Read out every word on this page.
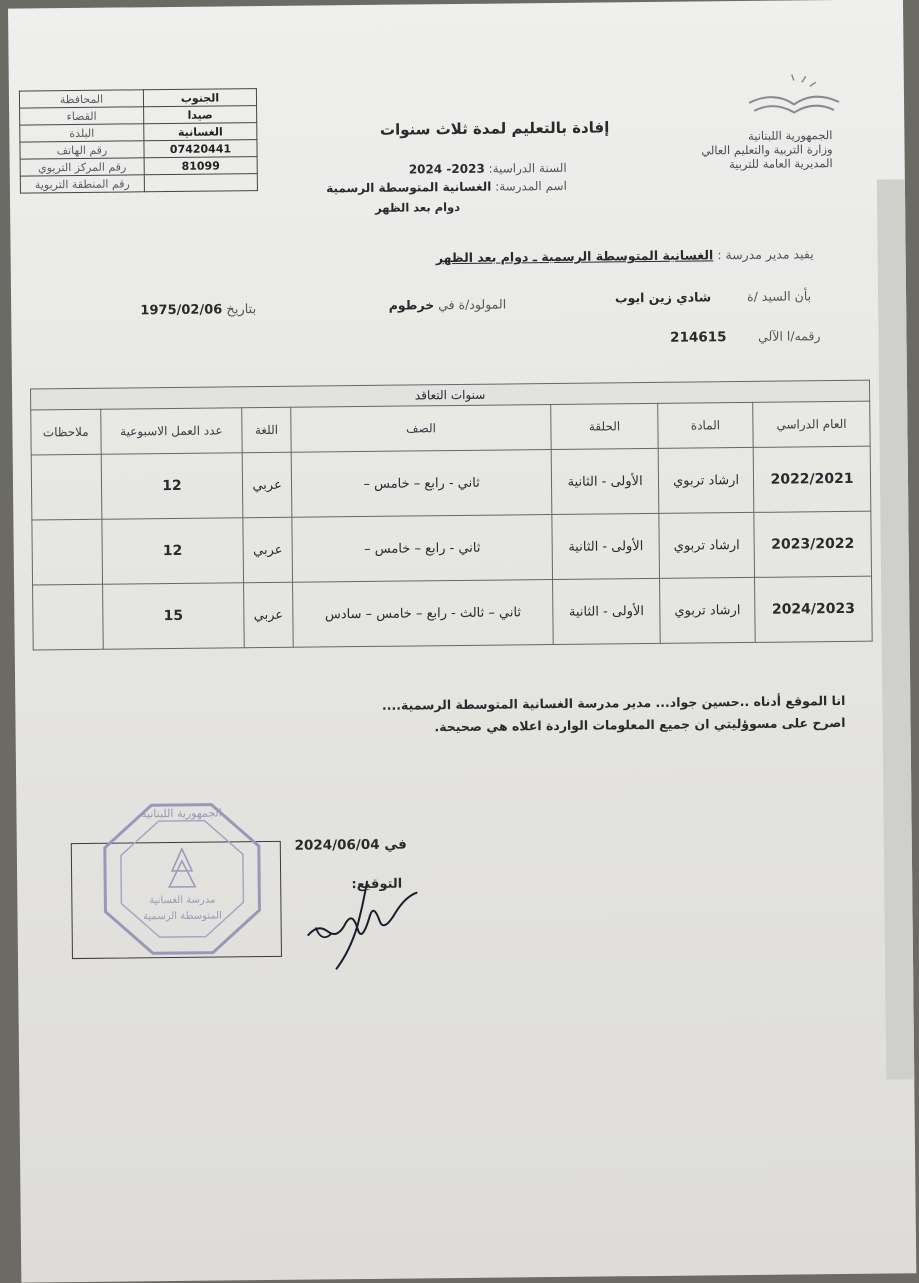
المحافظة	الجنوب
القضاء	صيدا
البلدة	الغسانية
رقم الهاتف	07420441
رقم المركز التربوي	81099
رقم المنطقة التربوية	
الجمهورية اللبنانية
وزارة التربية والتعليم العالي
المديرية العامة للتربية
إفادة بالتعليم لمدة ثلاث سنوات
السنة الدراسية: 2023- 2024
اسم المدرسة: الغسانية المتوسطة الرسمية
دوام بعد الظهر
يفيد مدير مدرسة : الغسانية المتوسطة الرسمية ـ دوام بعد الظهر
بأن السيد /ة
شادي زين ايوب
المولود/ة في خرطوم
بتاريخ 1975/02/06
رقمه/ا الآلي
214615
سنوات التعاقد						
العام الدراسي	المادة	الحلقة	الصف	اللغة	عدد العمل الاسبوعية	ملاحظات
2022/2021	ارشاد تربوي	الأولى - الثانية	ثاني - رابع – خامس –	عربي	12	
2023/2022	ارشاد تربوي	الأولى - الثانية	ثاني - رابع – خامس –	عربي	12	
2024/2023	ارشاد تربوي	الأولى - الثانية	ثاني – ثالث - رابع – خامس – سادس	عربي	15	
انا الموقع أدناه ..حسين جواد... مدير مدرسة الغسانية المتوسطة الرسمية....
اصرح على مسوؤليتي ان جميع المعلومات الواردة اعلاه هي صحيحة.
في 2024/06/04
التوقيع:
الجمهورية اللبنانية
مدرسة الغسانية
المتوسطة الرسمية
